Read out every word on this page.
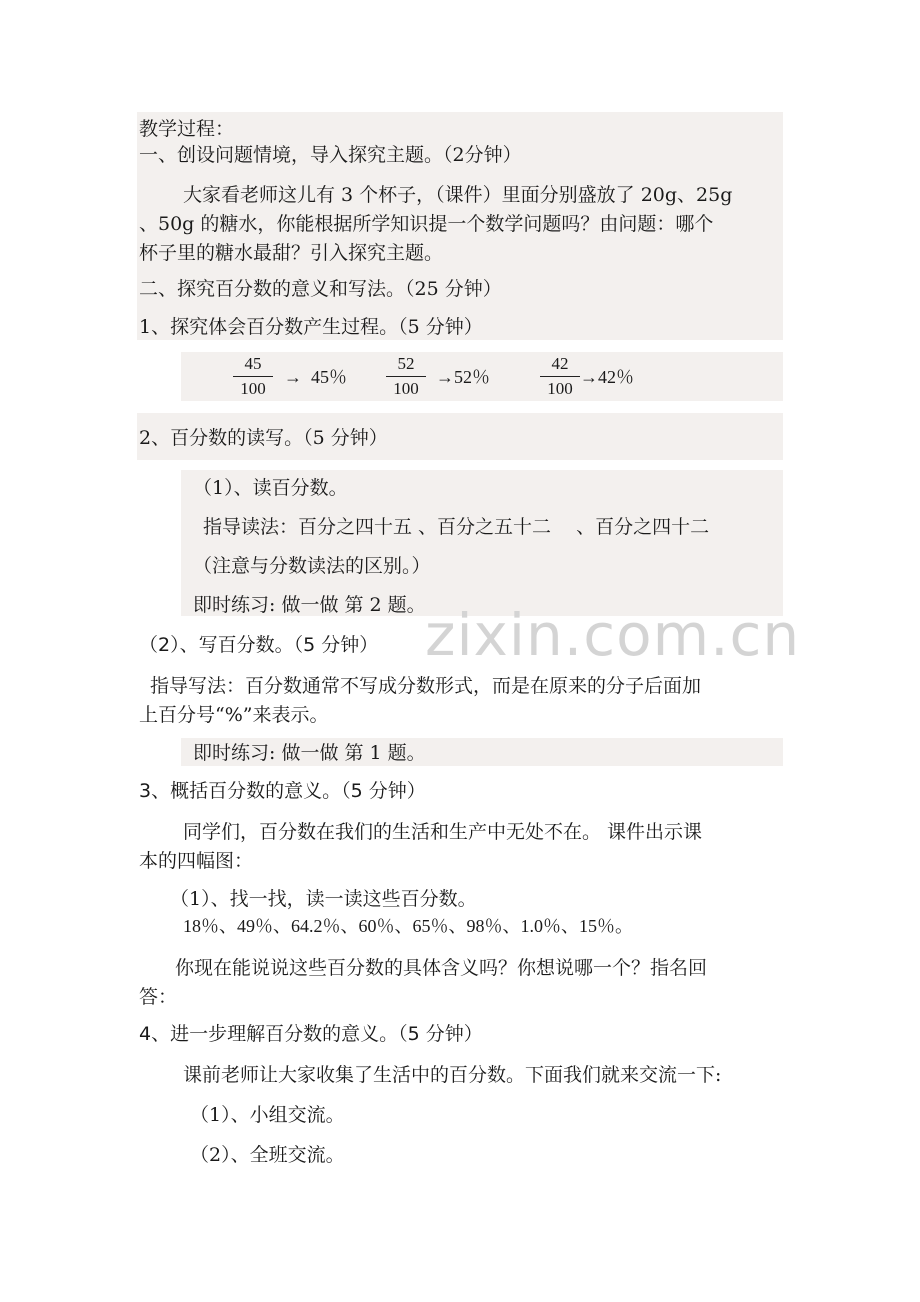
教学过程：
一、创设问题情境，导入探究主题。（2分钟）
大家看老师这儿有 3 个杯子，（课件）里面分别盛放了 20g、25g
、50g 的糖水，你能根据所学知识提一个数学问题吗？由问题：哪个
杯子里的糖水最甜？引入探究主题。
二、探究百分数的意义和写法。（25 分钟）
1、探究体会百分数产生过程。（5 分钟）
45
100
→ 45％
52
100
→52％
42
100
→42％
2、百分数的读写。（5 分钟）
（1）、读百分数。
指导读法：百分之四十五 、百分之五十二 　、百分之四十二
（注意与分数读法的区别。）
即时练习: 做一做 第 2 题。
（2）、写百分数。（5 分钟）
指导写法：百分数通常不写成分数形式，而是在原来的分子后面加
上百分号“%”来表示。
即时练习: 做一做 第 1 题。
3、概括百分数的意义。（5 分钟）
同学们，百分数在我们的生活和生产中无处不在。 课件出示课
本的四幅图：
（1）、找一找，读一读这些百分数。
18％、49％、64.2％、60％、65％、98％、1.0％、15％。
你现在能说说这些百分数的具体含义吗？你想说哪一个？指名回
答：
4、进一步理解百分数的意义。（5 分钟）
课前老师让大家收集了生活中的百分数。下面我们就来交流一下:
（1）、小组交流。
（2）、全班交流。
zixin.com.cn
